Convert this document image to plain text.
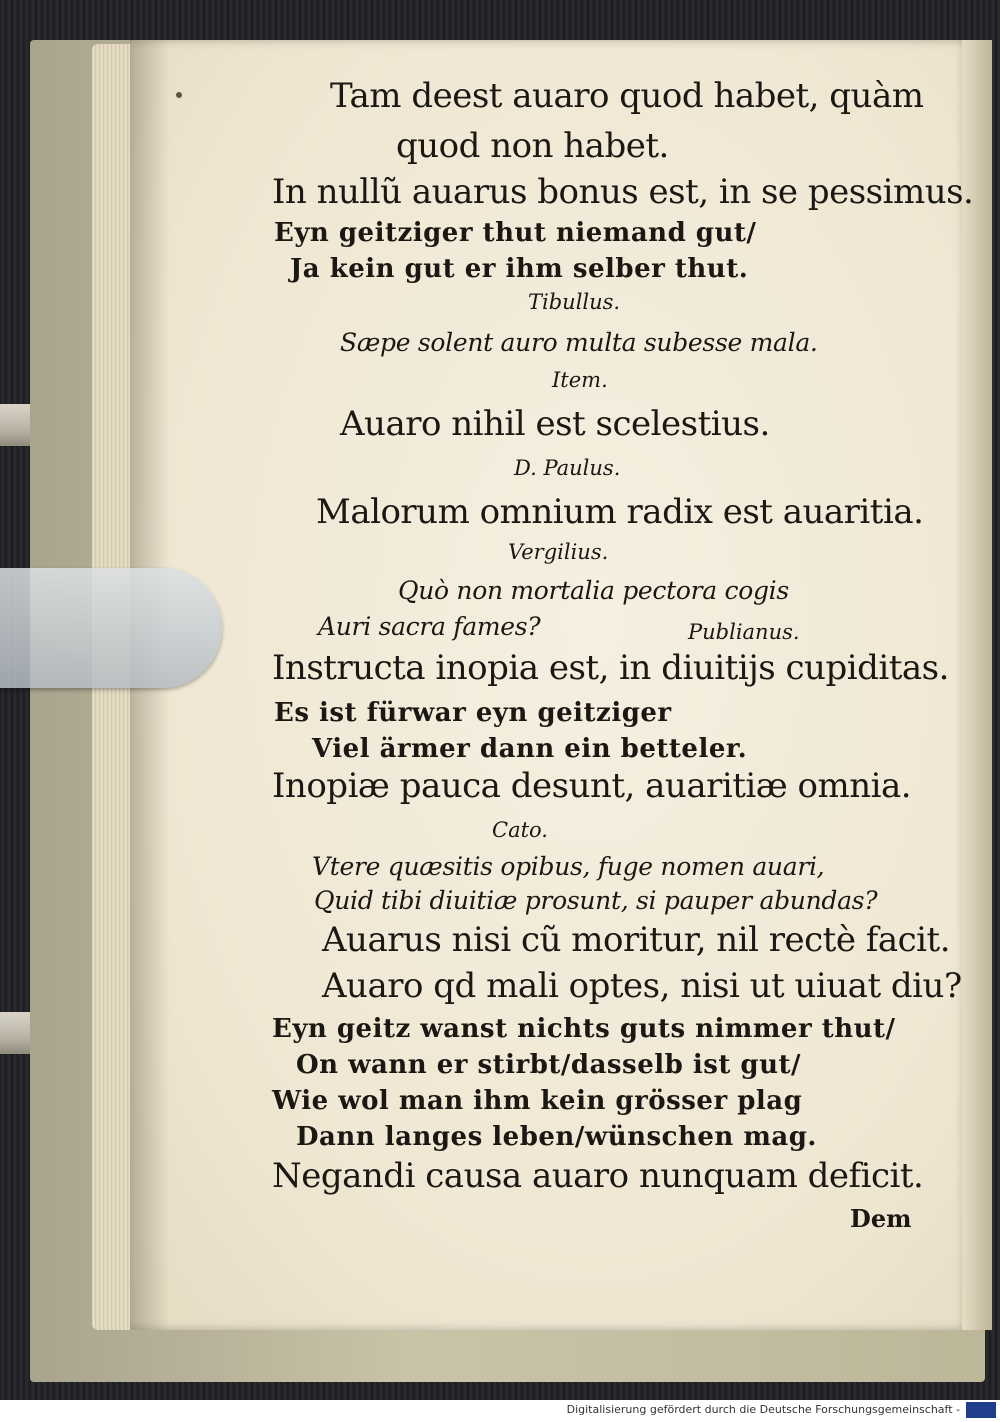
Tam deest auaro quod habet, quàm
quod non habet.
In nullũ auarus bonus est, in se pessimus.
Eyn geitziger thut niemand gut/
Ja kein gut er ihm selber thut.
Tibullus.
Sæpe solent auro multa subesse mala.
Item.
Auaro nihil est scelestius.
D. Paulus.
Malorum omnium radix est auaritia.
Vergilius.
Quò non mortalia pectora cogis
Auri sacra fames?	Publianus.
Instructa inopia est, in diuitijs cupiditas.
Es ist fürwar eyn geitziger
Viel ärmer dann ein betteler.
Inopiæ pauca desunt, auaritiæ omnia.
Cato.
Vtere quæsitis opibus, fuge nomen auari,
Quid tibi diuitiæ prosunt, si pauper abundas?
Auarus nisi cũ moritur, nil rectè facit.
Auaro qd mali optes, nisi ut uiuat diu?
Eyn geitz wanst nichts guts nimmer thut/
On wann er stirbt/dasselb ist gut/
Wie wol man ihm kein grösser plag
Dann langes leben/wünschen mag.
Negandi causa auaro nunquam deficit.
Dem
Digitalisierung gefördert durch die Deutsche Forschungsgemeinschaft -
